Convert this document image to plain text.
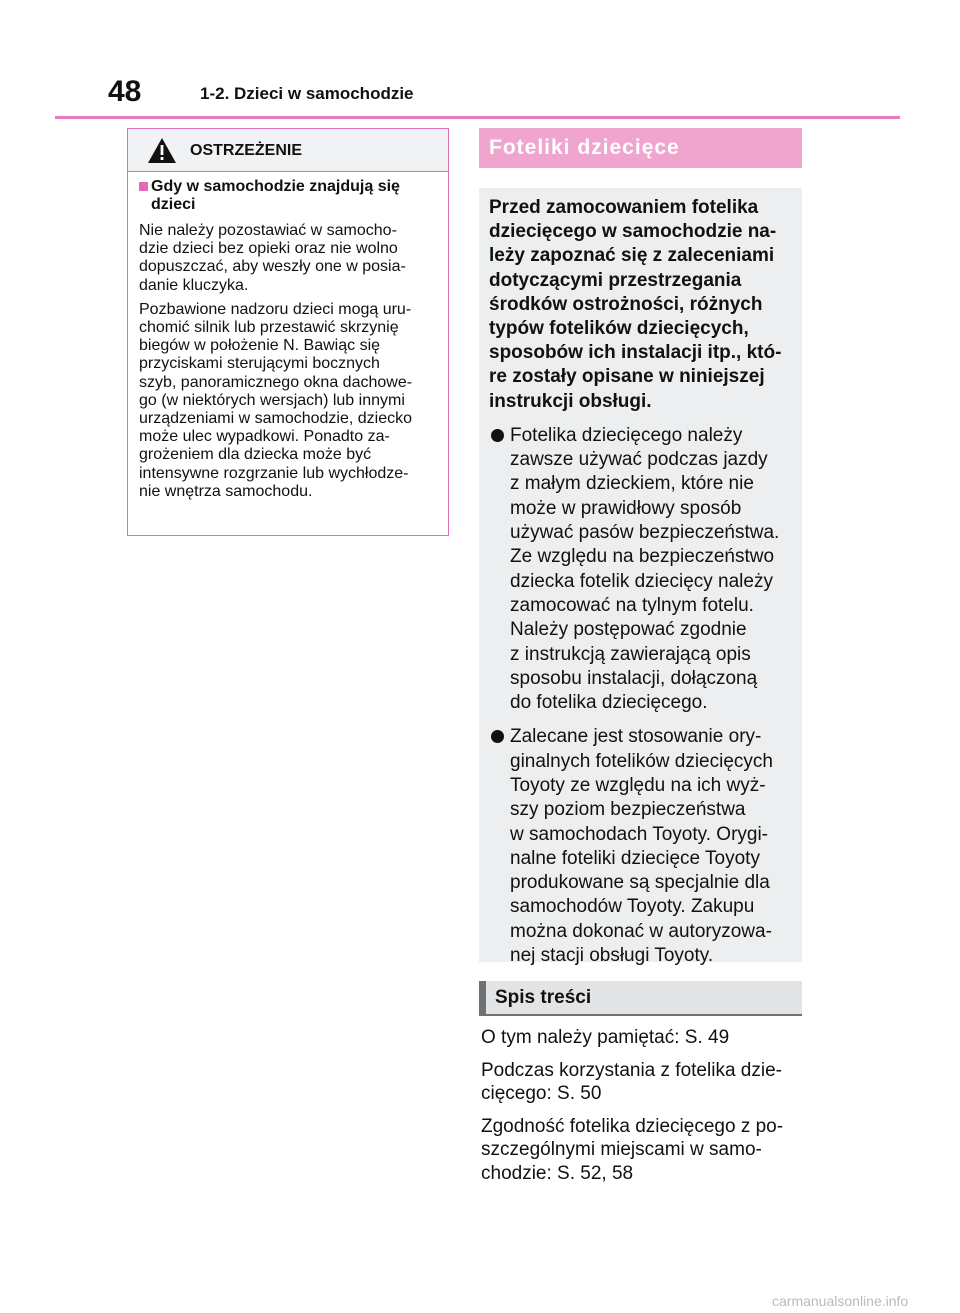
48	1-2. Dzieci w samochodzie
OSTRZEŻENIE
Gdy w samochodzie znajdują się dzieci

Nie należy pozostawiać w samocho-
dzie dzieci bez opieki oraz nie wolno
dopuszczać, aby weszły one w posia-
danie kluczyka.

Pozbawione nadzoru dzieci mogą uru-
chomić silnik lub przestawić skrzynię
biegów w położenie N. Bawiąc się
przyciskami sterującymi bocznych
szyb, panoramicznego okna dachowe-
go (w niektórych wersjach) lub innymi
urządzeniami w samochodzie, dziecko
może ulec wypadkowi. Ponadto za-
grożeniem dla dziecka może być
intensywne rozgrzanie lub wychłodze-
nie wnętrza samochodu.

Foteliki dziecięce

Przed zamocowaniem fotelika
dziecięcego w samochodzie na-
leży zapoznać się z zaleceniami
dotyczącymi przestrzegania
środków ostrożności, różnych
typów fotelików dziecięcych,
sposobów ich instalacji itp., któ-
re zostały opisane w niniejszej
instrukcji obsługi.

Fotelika dziecięcego należy
zawsze używać podczas jazdy
z małym dzieckiem, które nie
może w prawidłowy sposób
używać pasów bezpieczeństwa.
Ze względu na bezpieczeństwo
dziecka fotelik dziecięcy należy
zamocować na tylnym fotelu.
Należy postępować zgodnie
z instrukcją zawierającą opis
sposobu instalacji, dołączoną
do fotelika dziecięcego.
Zalecane jest stosowanie ory-
ginalnych fotelików dziecięcych
Toyoty ze względu na ich wyż-
szy poziom bezpieczeństwa
w samochodach Toyoty. Orygi-
nalne foteliki dziecięce Toyoty
produkowane są specjalnie dla
samochodów Toyoty. Zakupu
można dokonać w autoryzowa-
nej stacji obsługi Toyoty.
Spis treści
O tym należy pamiętać: S. 49
Podczas korzystania z fotelika dzie-
cięcego: S. 50
Zgodność fotelika dziecięcego z po-
szczególnymi miejscami w samo-
chodzie: S. 52, 58
carmanualsonline.info
